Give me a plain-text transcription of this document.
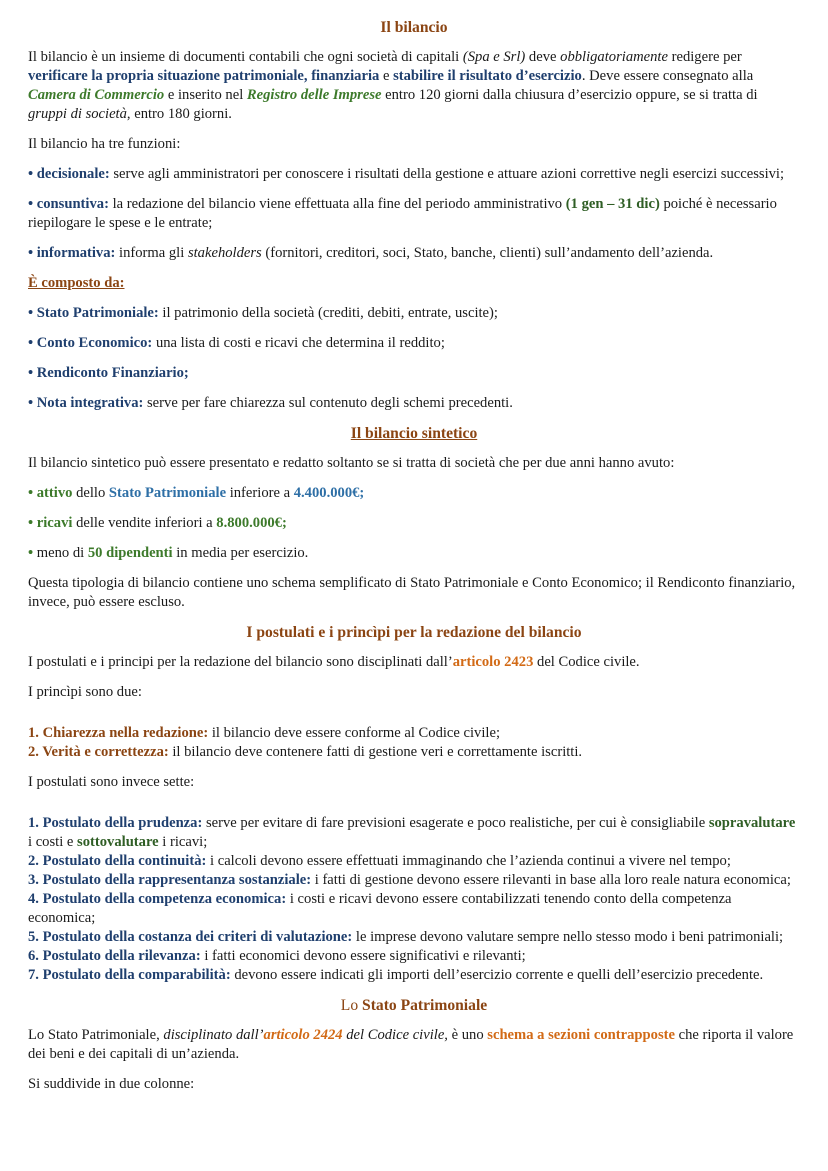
Il bilancio

Il bilancio è un insieme di documenti contabili che ogni società di capitali (Spa e Srl) deve obbligatoriamente redigere per verificare la propria situazione patrimoniale, finanziaria e stabilire il risultato d’esercizio. Deve essere consegnato alla Camera di Commercio e inserito nel Registro delle Imprese entro 120 giorni dalla chiusura d’esercizio oppure, se si tratta di gruppi di società, entro 180 giorni.

Il bilancio ha tre funzioni:

• decisionale: serve agli amministratori per conoscere i risultati della gestione e attuare azioni correttive negli esercizi successivi;

• consuntiva: la redazione del bilancio viene effettuata alla fine del periodo amministrativo (1 gen – 31 dic) poiché è necessario riepilogare le spese e le entrate;

• informativa: informa gli stakeholders (fornitori, creditori, soci, Stato, banche, clienti) sull’andamento dell’azienda.

È composto da:

• Stato Patrimoniale: il patrimonio della società (crediti, debiti, entrate, uscite);

• Conto Economico: una lista di costi e ricavi che determina il reddito;

• Rendiconto Finanziario;

• Nota integrativa: serve per fare chiarezza sul contenuto degli schemi precedenti.

Il bilancio sintetico

Il bilancio sintetico può essere presentato e redatto soltanto se si tratta di società che per due anni hanno avuto:

• attivo dello Stato Patrimoniale inferiore a 4.400.000€;

• ricavi delle vendite inferiori a 8.800.000€;

• meno di 50 dipendenti in media per esercizio.

Questa tipologia di bilancio contiene uno schema semplificato di Stato Patrimoniale e Conto Economico; il Rendiconto finanziario, invece, può essere escluso.

I postulati e i princìpi per la redazione del bilancio

I postulati e i principi per la redazione del bilancio sono disciplinati dall’articolo 2423 del Codice civile.

I princìpi sono due:

1. Chiarezza nella redazione: il bilancio deve essere conforme al Codice civile;

2. Verità e correttezza: il bilancio deve contenere fatti di gestione veri e correttamente iscritti.

I postulati sono invece sette:

1. Postulato della prudenza: serve per evitare di fare previsioni esagerate e poco realistiche, per cui è consigliabile sopravalutare i costi e sottovalutare i ricavi;

2. Postulato della continuità: i calcoli devono essere effettuati immaginando che l’azienda continui a vivere nel tempo;

3. Postulato della rappresentanza sostanziale: i fatti di gestione devono essere rilevanti in base alla loro reale natura economica;

4. Postulato della competenza economica: i costi e ricavi devono essere contabilizzati tenendo conto della competenza economica;

5. Postulato della costanza dei criteri di valutazione: le imprese devono valutare sempre nello stesso modo i beni patrimoniali;

6. Postulato della rilevanza: i fatti economici devono essere significativi e rilevanti;

7. Postulato della comparabilità: devono essere indicati gli importi dell’esercizio corrente e quelli dell’esercizio precedente.

Lo Stato Patrimoniale

Lo Stato Patrimoniale, disciplinato dall’articolo 2424 del Codice civile, è uno schema a sezioni contrapposte che riporta il valore dei beni e dei capitali di un’azienda.

Si suddivide in due colonne:
